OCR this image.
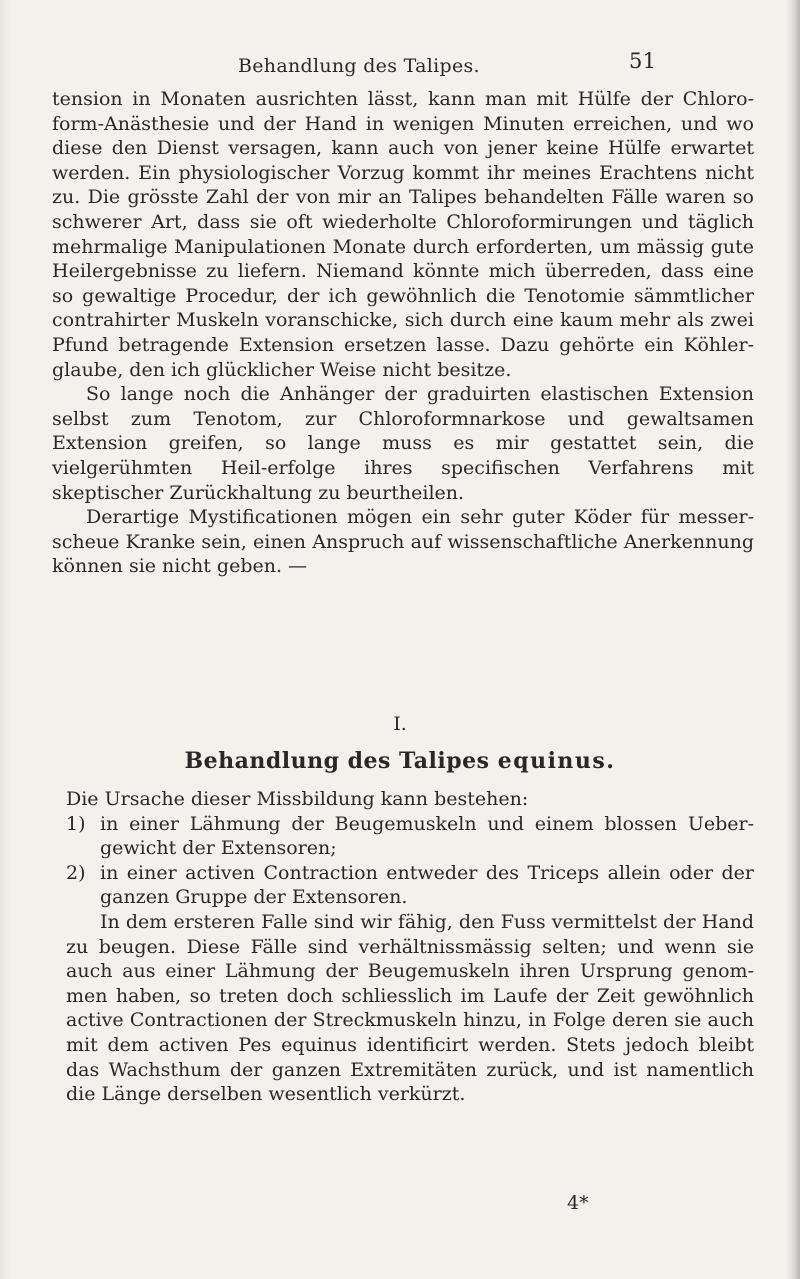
Behandlung des Talipes.	51

tension in Monaten ausrichten lässt, kann man mit Hülfe der Chloro-form-Anästhesie und der Hand in wenigen Minuten erreichen, und wo diese den Dienst versagen, kann auch von jener keine Hülfe erwartet werden. Ein physiologischer Vorzug kommt ihr meines Erachtens nicht zu. Die grösste Zahl der von mir an Talipes behandelten Fälle waren so schwerer Art, dass sie oft wiederholte Chloroformirungen und täglich mehrmalige Manipulationen Monate durch erforderten, um mässig gute Heilergebnisse zu liefern. Niemand könnte mich überreden, dass eine so gewaltige Procedur, der ich gewöhnlich die Tenotomie sämmtlicher contrahirter Muskeln voranschicke, sich durch eine kaum mehr als zwei Pfund betragende Extension ersetzen lasse. Dazu gehörte ein Köhler-glaube, den ich glücklicher Weise nicht besitze.

So lange noch die Anhänger der graduirten elastischen Extension selbst zum Tenotom, zur Chloroformnarkose und gewaltsamen Extension greifen, so lange muss es mir gestattet sein, die vielgerühmten Heil-erfolge ihres specifischen Verfahrens mit skeptischer Zurückhaltung zu beurtheilen.

Derartige Mystificationen mögen ein sehr guter Köder für messer-scheue Kranke sein, einen Anspruch auf wissenschaftliche Anerkennung können sie nicht geben. —

I.
Behandlung des Talipes equinus.

Die Ursache dieser Missbildung kann bestehen:

1) in einer Lähmung der Beugemuskeln und einem blossen Ueber-gewicht der Extensoren;
2) in einer activen Contraction entweder des Triceps allein oder der ganzen Gruppe der Extensoren.

In dem ersteren Falle sind wir fähig, den Fuss vermittelst der Hand zu beugen. Diese Fälle sind verhältnissmässig selten; und wenn sie auch aus einer Lähmung der Beugemuskeln ihren Ursprung genom-men haben, so treten doch schliesslich im Laufe der Zeit gewöhnlich active Contractionen der Streckmuskeln hinzu, in Folge deren sie auch mit dem activen Pes equinus identificirt werden. Stets jedoch bleibt das Wachsthum der ganzen Extremitäten zurück, und ist namentlich die Länge derselben wesentlich verkürzt.

4*
